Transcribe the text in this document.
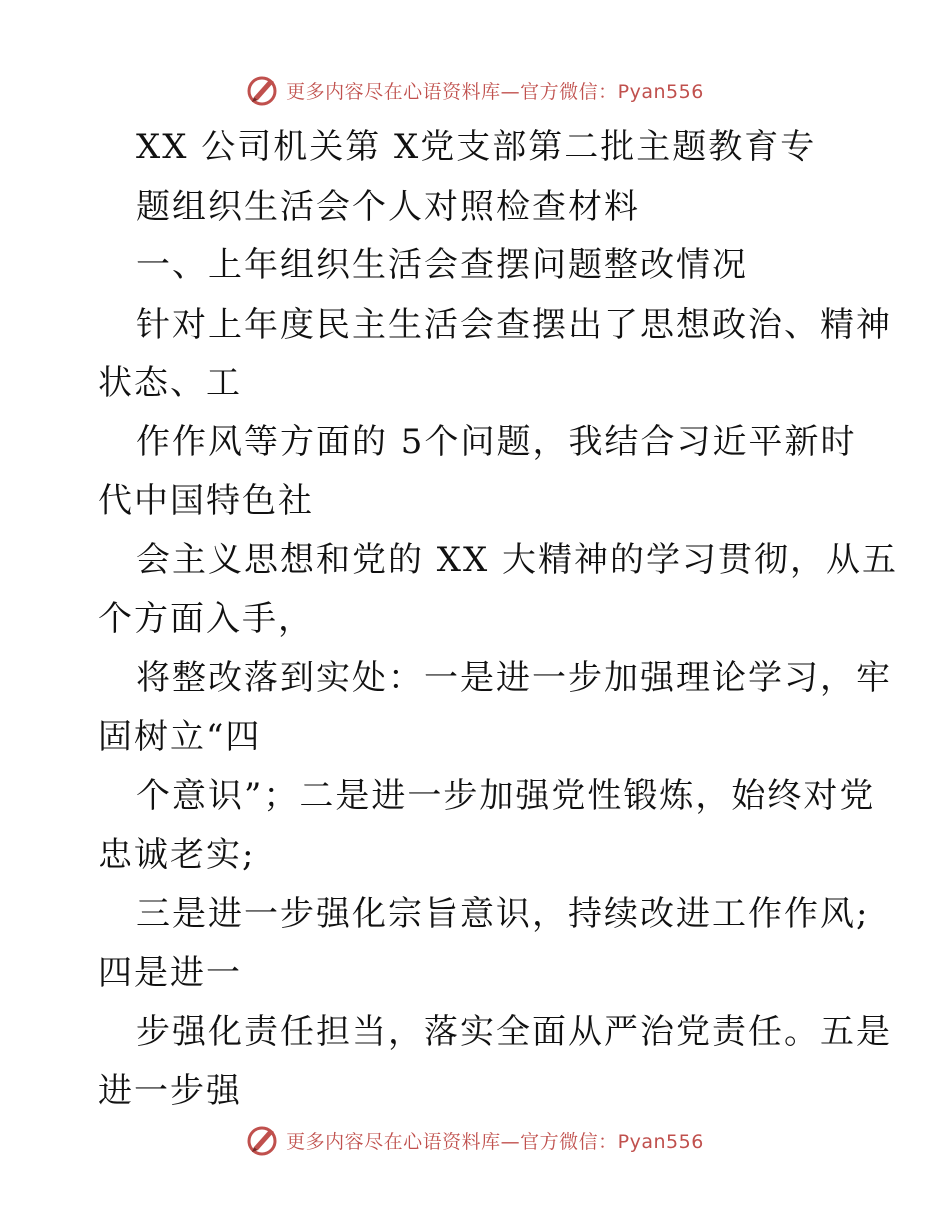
更多内容尽在心语资料库—官方微信：Pyan556
XX 公司机关第 X党支部第二批主题教育专
题组织生活会个人对照检查材料
一、上年组织生活会查摆问题整改情况
针对上年度民主生活会查摆出了思想政治、精神
状态、工
作作风等方面的 5个问题，我结合习近平新时
代中国特色社
会主义思想和党的 XX 大精神的学习贯彻，从五
个方面入手，
将整改落到实处：一是进一步加强理论学习，牢
固树立“四
个意识”；二是进一步加强党性锻炼，始终对党
忠诚老实;
三是进一步强化宗旨意识，持续改进工作作风;
四是进一
步强化责任担当，落实全面从严治党责任。五是
进一步强
更多内容尽在心语资料库—官方微信：Pyan556
